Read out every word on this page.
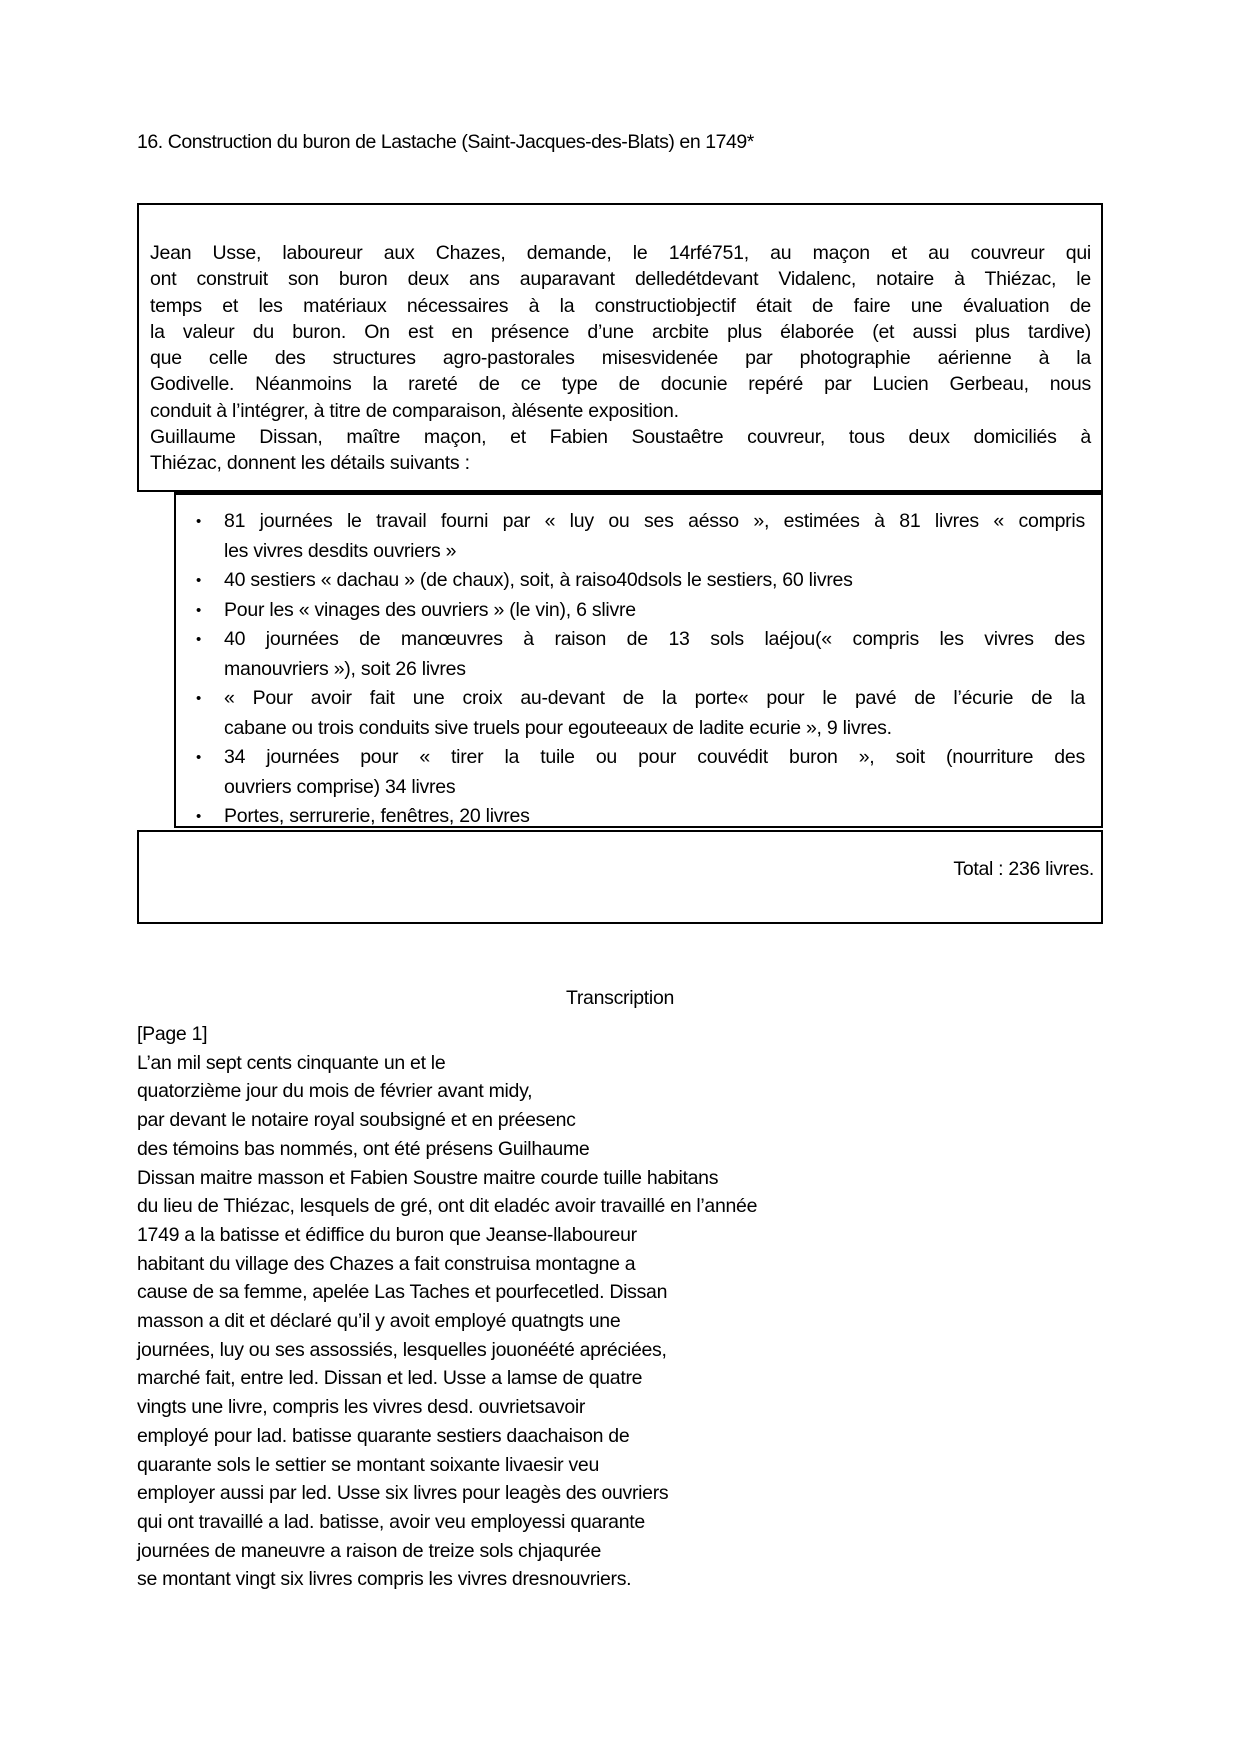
16. Construction du buron de Lastache (Saint-Jacques-des-Blats) en 1749*
Jean Usse, laboureur aux Chazes, demande, le 14rfé751, au maçon et au couvreur qui
ont construit son buron deux ans auparavant delledétdevant Vidalenc, notaire à Thiézac, le
temps et les matériaux nécessaires à la constructiobjectif était de faire une évaluation de
la valeur du buron. On est en présence d’une arcbite plus élaborée (et aussi plus tardive)
que celle des structures agro-pastorales misesvidenée par photographie aérienne à la
Godivelle. Néanmoins la rareté de ce type de docunie repéré par Lucien Gerbeau, nous
conduit à l’intégrer, à titre de comparaison, àlésente exposition.
Guillaume Dissan, maître maçon, et Fabien Soustaêtre couvreur, tous deux domiciliés à
Thiézac, donnent les détails suivants :
• 81 journées le travail fourni par « luy ou ses aésso », estimées à 81 livres « compris
les vivres desdits ouvriers »
• 40 sestiers « dachau » (de chaux), soit, à raiso40dsols le sestiers, 60 livres
• Pour les « vinages des ouvriers » (le vin), 6 slivre
• 40 journées de manœuvres à raison de 13 sols laéjou(« compris les vivres des
manouvriers »), soit 26 livres
• « Pour avoir fait une croix au-devant de la porte« pour le pavé de l’écurie de la
cabane ou trois conduits sive truels pour egouteeaux de ladite ecurie », 9 livres.
• 34 journées pour « tirer la tuile ou pour couvédit buron », soit (nourriture des
ouvriers comprise) 34 livres
• Portes, serrurerie, fenêtres, 20 livres
Total : 236 livres.
Transcription
[Page 1]
L’an mil sept cents cinquante un et le
quatorzième jour du mois de février avant midy,
par devant le notaire royal soubsigné et en préesenc
des témoins bas nommés, ont été présens Guilhaume
Dissan maitre masson et Fabien Soustre maitre courde tuille habitans
du lieu de Thiézac, lesquels de gré, ont dit eladéc avoir travaillé en l’année
1749 a la batisse et édiffice du buron que Jeanse-llaboureur
habitant du village des Chazes a fait construisa montagne a
cause de sa femme, apelée Las Taches et pourfecetled. Dissan
masson a dit et déclaré qu’il y avoit employé quatngts une
journées, luy ou ses assossiés, lesquelles jouonéété apréciées,
marché fait, entre led. Dissan et led. Usse a lamse de quatre
vingts une livre, compris les vivres desd. ouvrietsavoir
employé pour lad. batisse quarante sestiers daachaison de
quarante sols le settier se montant soixante livaesir veu
employer aussi par led. Usse six livres pour leagès des ouvriers
qui ont travaillé a lad. batisse, avoir veu employessi quarante
journées de maneuvre a raison de treize sols chjaqurée
se montant vingt six livres compris les vivres dresnouvriers.
